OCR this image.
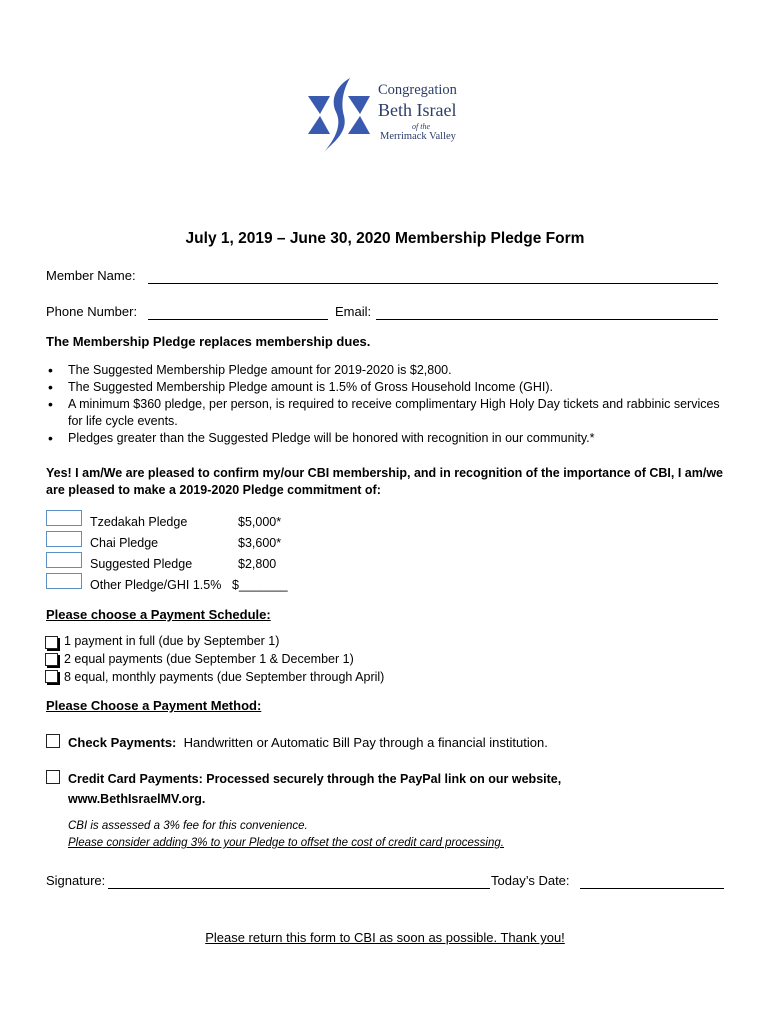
Congregation
Beth Israel
of the
Merrimack Valley
July 1, 2019 – June 30, 2020 Membership Pledge Form
Member Name:
Phone Number:	Email:
The Membership Pledge replaces membership dues.
• The Suggested Membership Pledge amount for 2019-2020 is $2,800.
• The Suggested Membership Pledge amount is 1.5% of Gross Household Income (GHI).
• A minimum $360 pledge, per person, is required to receive complimentary High Holy Day tickets and rabbinic services for life cycle events.
• Pledges greater than the Suggested Pledge will be honored with recognition in our community.*
Yes! I am/We are pleased to confirm my/our CBI membership, and in recognition of the importance of CBI, I am/we are pleased to make a 2019-2020 Pledge commitment of:
Tzedakah Pledge	$5,000*
Chai Pledge	$3,600*
Suggested Pledge	$2,800
Other Pledge/GHI 1.5% $_______
Please choose a Payment Schedule:
1 payment in full (due by September 1)
2 equal payments (due September 1 & December 1)
8 equal, monthly payments (due September through April)
Please Choose a Payment Method:
Check Payments: Handwritten or Automatic Bill Pay through a financial institution.
Credit Card Payments: Processed securely through the PayPal link on our website,
www.BethIsraelMV.org.
CBI is assessed a 3% fee for this convenience.
Please consider adding 3% to your Pledge to offset the cost of credit card processing.
Signature:	Today’s Date:
Please return this form to CBI as soon as possible. Thank you!
